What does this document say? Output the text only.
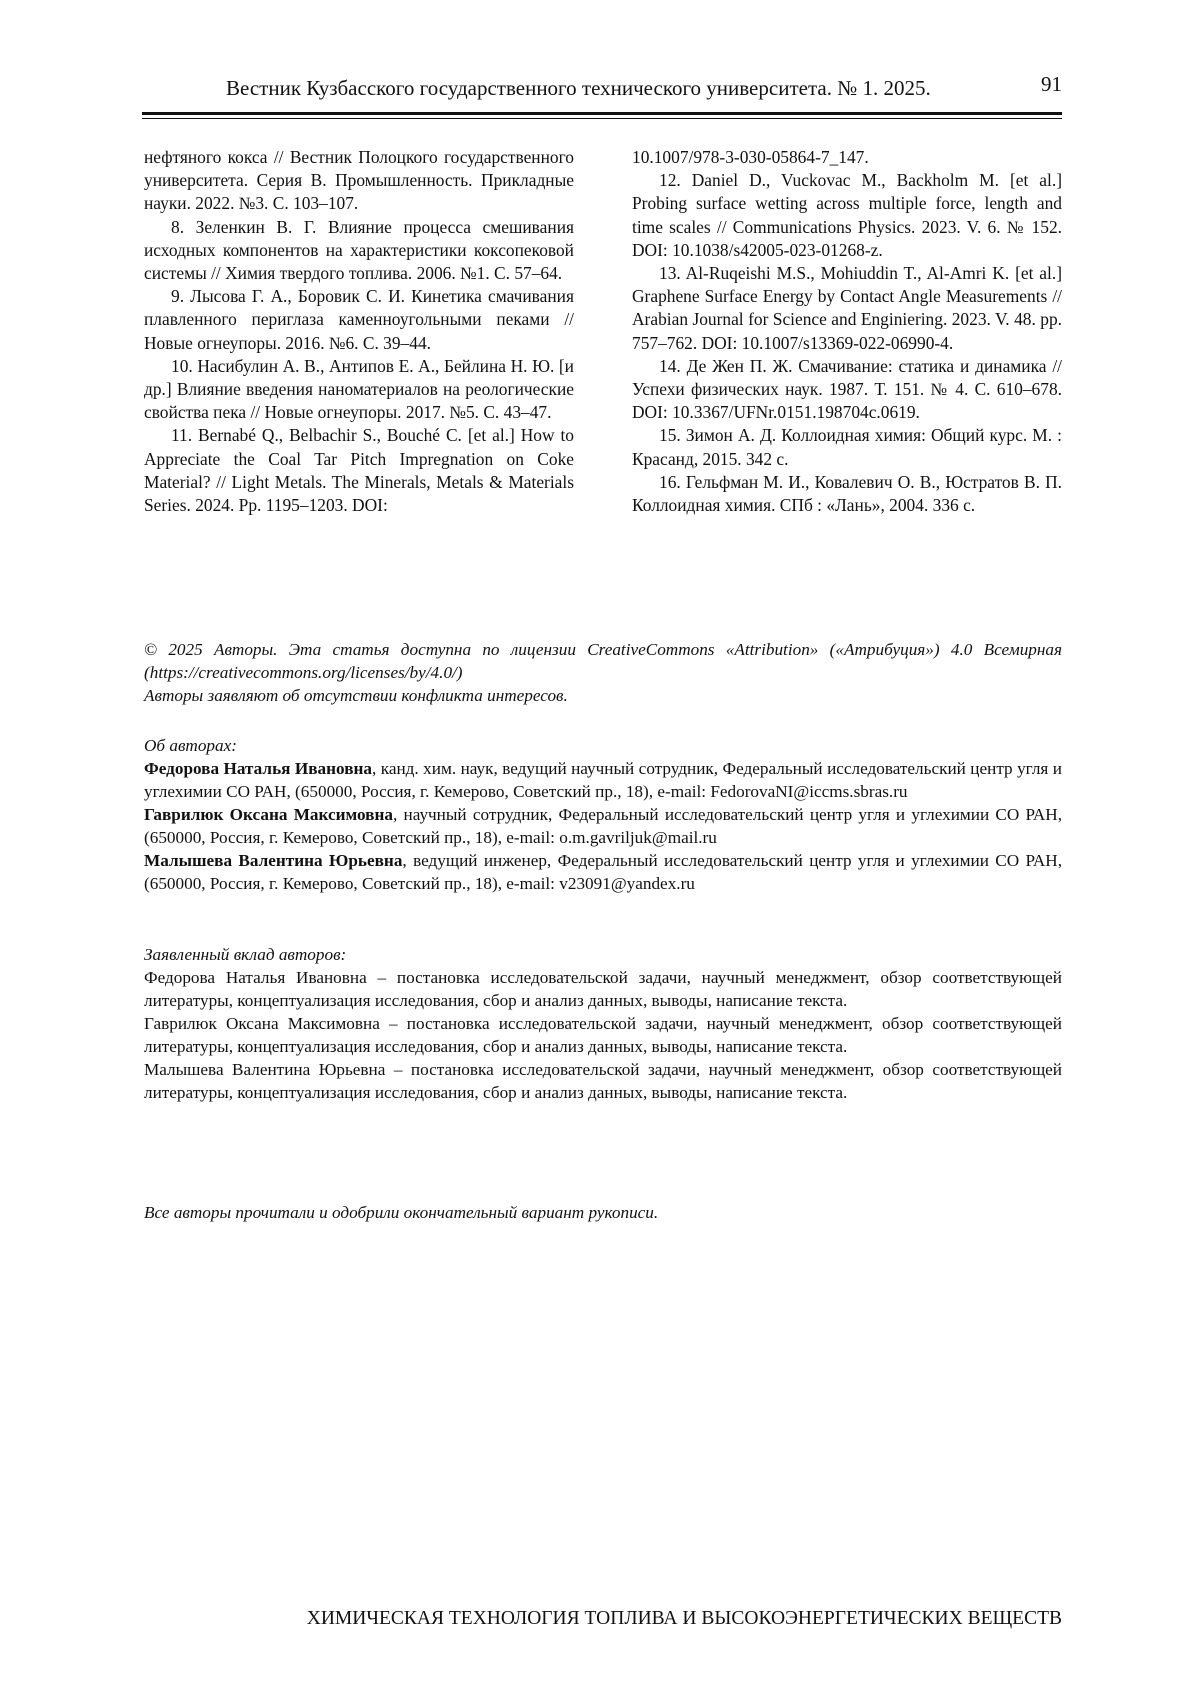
Вестник Кузбасского государственного технического университета. № 1. 2025.	91

нефтяного кокса // Вестник Полоцкого государственного университета. Серия B. Промышленность. Прикладные науки. 2022. №3. С. 103–107.

8. Зеленкин В. Г. Влияние процесса смешивания исходных компонентов на характеристики коксопековой системы // Химия твердого топлива. 2006. №1. С. 57–64.

9. Лысова Г. А., Боровик С. И. Кинетика смачивания плавленного периглаза каменноугольными пеками // Новые огнеупоры. 2016. №6. С. 39–44.

10. Насибулин А. В., Антипов Е. А., Бейлина Н. Ю. [и др.] Влияние введения наноматериалов на реологические свойства пека // Новые огнеупоры. 2017. №5. С. 43–47.

11. Bernabé Q., Belbachir S., Bouché C. [et al.] How to Appreciate the Coal Tar Pitch Impregnation on Coke Material? // Light Metals. The Minerals, Metals & Materials Series. 2024. Pp. 1195–1203. DOI:

10.1007/978-3-030-05864-7_147.

12. Daniel D., Vuckovac M., Backholm M. [et al.] Probing surface wetting across multiple force, length and time scales // Communications Physics. 2023. V. 6. № 152. DOI: 10.1038/s42005-023-01268-z.

13. Al-Ruqeishi M.S., Mohiuddin T., Al-Amri K. [et al.] Graphene Surface Energy by Contact Angle Measurements // Arabian Journal for Science and Enginiering. 2023. V. 48. pp. 757–762. DOI: 10.1007/s13369-022-06990-4.

14. Де Жен П. Ж. Смачивание: статика и динамика // Успехи физических наук. 1987. Т. 151. № 4. С. 610–678. DOI: 10.3367/UFNr.0151.198704c.0619.

15. Зимон А. Д. Коллоидная химия: Общий курс. М. : Красанд, 2015. 342 с.

16. Гельфман М. И., Ковалевич О. В., Юстратов В. П. Коллоидная химия. СПб : «Лань», 2004. 336 с.

© 2025 Авторы. Эта статья доступна по лицензии CreativeCommons «Attribution» («Атрибуция») 4.0 Всемирная (https://creativecommons.org/licenses/by/4.0/)

Авторы заявляют об отсутствии конфликта интересов.

Об авторах:

Федорова Наталья Ивановна, канд. хим. наук, ведущий научный сотрудник, Федеральный исследовательский центр угля и углехимии СО РАН, (650000, Россия, г. Кемерово, Советский пр., 18), e-mail: FedorovaNI@iccms.sbras.ru

Гаврилюк Оксана Максимовна, научный сотрудник, Федеральный исследовательский центр угля и углехимии СО РАН, (650000, Россия, г. Кемерово, Советский пр., 18), e-mail: o.m.gavriljuk@mail.ru

Малышева Валентина Юрьевна, ведущий инженер, Федеральный исследовательский центр угля и углехимии СО РАН, (650000, Россия, г. Кемерово, Советский пр., 18), e-mail: v23091@yandex.ru

Заявленный вклад авторов:

Федорова Наталья Ивановна – постановка исследовательской задачи, научный менеджмент, обзор соответствующей литературы, концептуализация исследования, сбор и анализ данных, выводы, написание текста.

Гаврилюк Оксана Максимовна – постановка исследовательской задачи, научный менеджмент, обзор соответствующей литературы, концептуализация исследования, сбор и анализ данных, выводы, написание текста.

Малышева Валентина Юрьевна – постановка исследовательской задачи, научный менеджмент, обзор соответствующей литературы, концептуализация исследования, сбор и анализ данных, выводы, написание текста.

Все авторы прочитали и одобрили окончательный вариант рукописи.

ХИМИЧЕСКАЯ ТЕХНОЛОГИЯ ТОПЛИВА И ВЫСОКОЭНЕРГЕТИЧЕСКИХ ВЕЩЕСТВ
